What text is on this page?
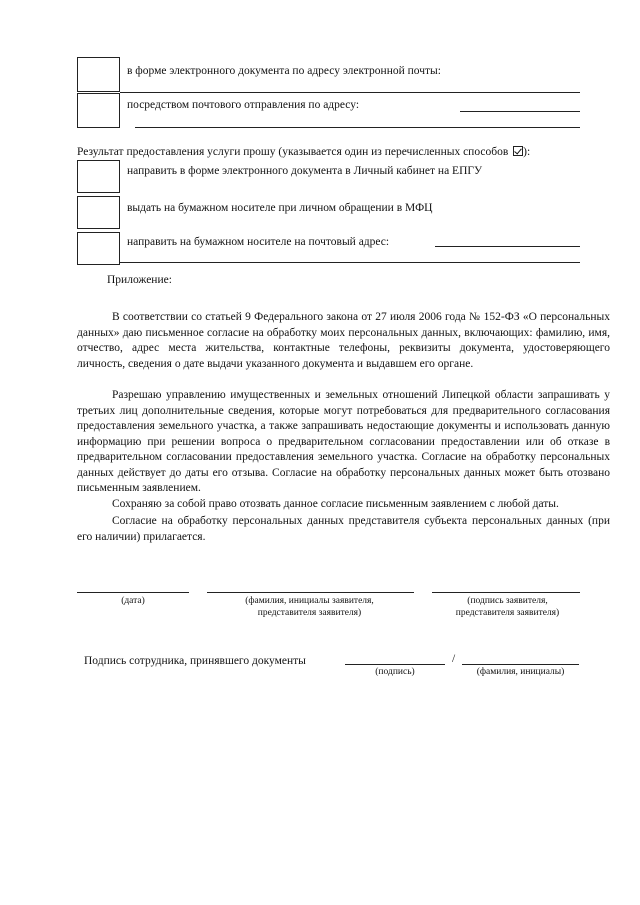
в форме электронного документа по адресу электронной почты:
посредством почтового отправления по адресу:
Результат предоставления услуги прошу (указывается один из перечисленных способов ):
направить в форме электронного документа в Личный кабинет на ЕПГУ
выдать на бумажном носителе при личном обращении в МФЦ
направить на бумажном носителе на почтовый адрес:
Приложение:

В соответствии со статьей 9 Федерального закона от 27 июля 2006 года № 152-ФЗ «О персональных данных» даю письменное согласие на обработку моих персональных данных, включающих: фамилию, имя, отчество, адрес места жительства, контактные телефоны, реквизиты документа, удостоверяющего личность, сведения о дате выдачи указанного документа и выдавшем его органе.

Разрешаю управлению имущественных и земельных отношений Липецкой области запрашивать у третьих лиц дополнительные сведения, которые могут потребоваться для предварительного согласования предоставления земельного участка, а также запрашивать недостающие документы и использовать данную информацию при решении вопроса о предварительном согласовании предоставлении или об отказе в предварительном согласовании предоставления земельного участка. Согласие на обработку персональных данных действует до даты его отзыва. Согласие на обработку персональных данных может быть отозвано письменным заявлением.

Сохраняю за собой право отозвать данное согласие письменным заявлением с любой даты.

Согласие на обработку персональных данных представителя субъекта персональных данных (при его наличии) прилагается.

(дата)	(фамилия, инициалы заявителя, представителя заявителя)
(подпись заявителя, представителя заявителя)
Подпись сотрудника, принявшего документы	/
(подпись)	(фамилия, инициалы)
